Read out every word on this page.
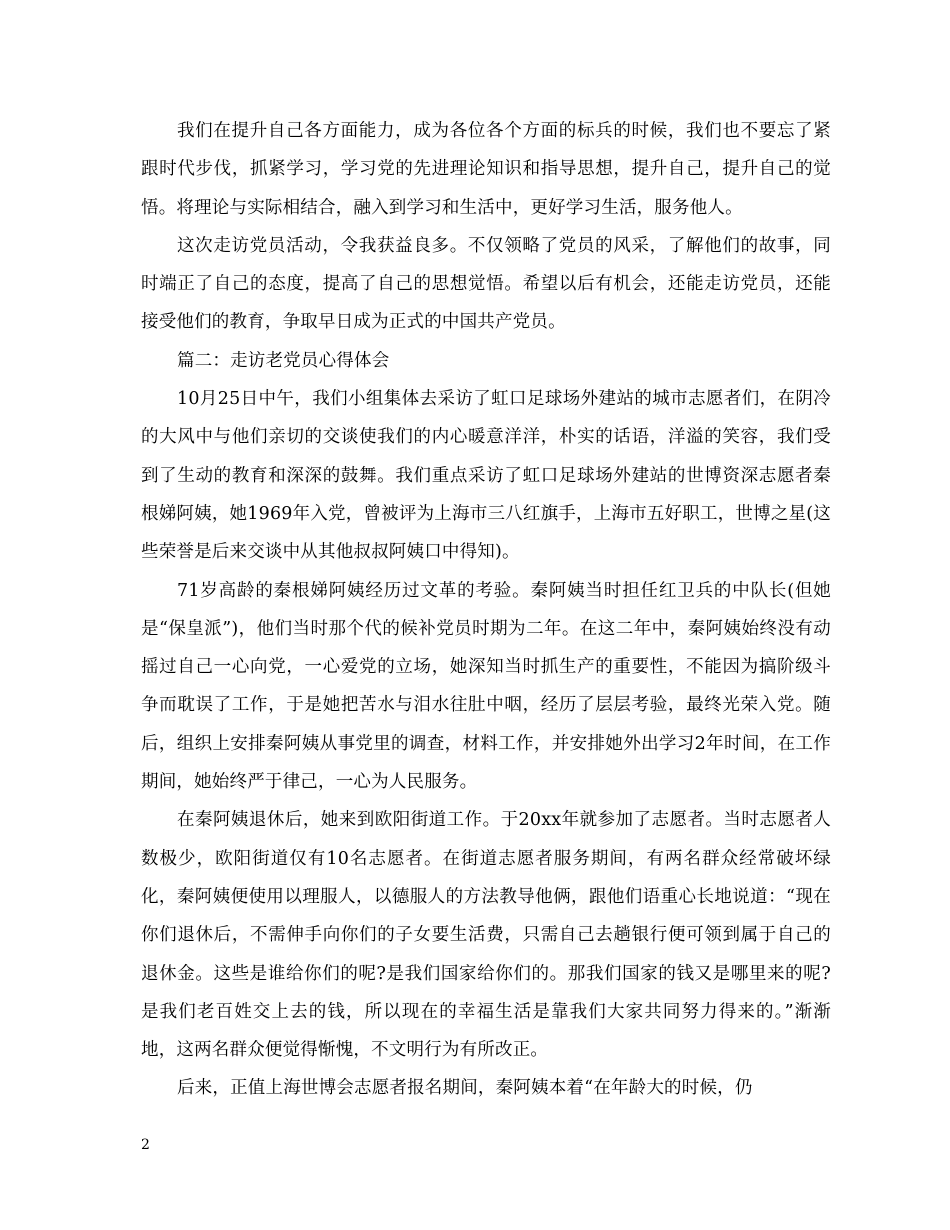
我们在提升自己各方面能力，成为各位各个方面的标兵的时候，我们也不要忘了紧跟时代步伐，抓紧学习，学习党的先进理论知识和指导思想，提升自己，提升自己的觉悟。将理论与实际相结合，融入到学习和生活中，更好学习生活，服务他人。

这次走访党员活动，令我获益良多。不仅领略了党员的风采，了解他们的故事，同时端正了自己的态度，提高了自己的思想觉悟。希望以后有机会，还能走访党员，还能接受他们的教育，争取早日成为正式的中国共产党员。

篇二：走访老党员心得体会

10月25日中午，我们小组集体去采访了虹口足球场外建站的城市志愿者们，在阴冷的大风中与他们亲切的交谈使我们的内心暖意洋洋，朴实的话语，洋溢的笑容，我们受到了生动的教育和深深的鼓舞。我们重点采访了虹口足球场外建站的世博资深志愿者秦根娣阿姨，她1969年入党，曾被评为上海市三八红旗手，上海市五好职工，世博之星(这些荣誉是后来交谈中从其他叔叔阿姨口中得知)。

71岁高龄的秦根娣阿姨经历过文革的考验。秦阿姨当时担任红卫兵的中队长(但她是“保皇派”)，他们当时那个代的候补党员时期为二年。在这二年中，秦阿姨始终没有动摇过自己一心向党，一心爱党的立场，她深知当时抓生产的重要性，不能因为搞阶级斗争而耽误了工作，于是她把苦水与泪水往肚中咽，经历了层层考验，最终光荣入党。随后，组织上安排秦阿姨从事党里的调查，材料工作，并安排她外出学习2年时间，在工作期间，她始终严于律己，一心为人民服务。

在秦阿姨退休后，她来到欧阳街道工作。于20xx年就参加了志愿者。当时志愿者人数极少，欧阳街道仅有10名志愿者。在街道志愿者服务期间，有两名群众经常破坏绿化，秦阿姨便使用以理服人，以德服人的方法教导他俩，跟他们语重心长地说道：“现在你们退休后，不需伸手向你们的子女要生活费，只需自己去趟银行便可领到属于自己的退休金。这些是谁给你们的呢?是我们国家给你们的。那我们国家的钱又是哪里来的呢?是我们老百姓交上去的钱，所以现在的幸福生活是靠我们大家共同努力得来的。”渐渐地，这两名群众便觉得惭愧，不文明行为有所改正。

后来，正值上海世博会志愿者报名期间，秦阿姨本着“在年龄大的时候，仍

2
